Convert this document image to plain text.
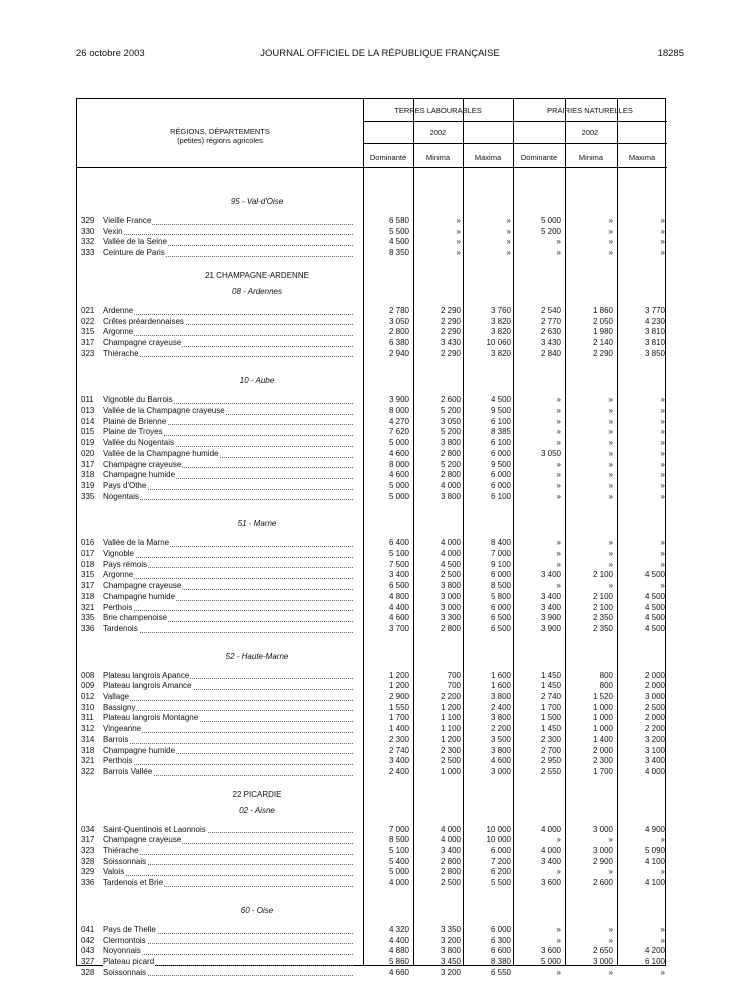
26 octobre 2003	JOURNAL OFFICIEL DE LA RÉPUBLIQUE FRANÇAISE	18285
RÉGIONS, DÉPARTEMENTS
(petites) régions agricoles
TERRES LABOURABLES	PRAIRIES NATURELLES
2002	2002
Dominante	Minima	Maxima	Dominante	Minima	Maxima
95 - Val-d'Oise
329 Vieille France	6 580	»	»	5 000	»	»
330 Vexin	5 500	»	»	5 200	»	»
332 Vallée de la Seine	4 500	»	»	»	»	»
333 Ceinture de Paris	8 350	»	»	»	»	»
21 CHAMPAGNE-ARDENNE
08 - Ardennes
021 Ardenne	2 780	2 290	3 760	2 540	1 860	3 770
022 Crêtes préardennaises	3 050	2 290	3 820	2 770	2 050	4 230
315 Argonne	2 800	2 290	3 820	2 630	1 980	3 810
317 Champagne crayeuse	6 380	3 430	10 060	3 430	2 140	3 810
323 Thiérache	2 940	2 290	3 820	2 840	2 290	3 850
10 - Aube
011 Vignoble du Barrois	3 900	2 600	4 500	»	»	»
013 Vallée de la Champagne crayeuse	8 000	5 200	9 500	»	»	»
014 Plaine de Brienne	4 270	3 050	6 100	»	»	»
015 Plaine de Troyes	7 620	5 200	8 385	»	»	»
019 Vallée du Nogentais	5 000	3 800	6 100	»	»	»
020 Vallée de la Champagne humide	4 600	2 800	6 000	3 050	»	»
317 Champagne crayeuse	8 000	5 200	9 500	»	»	»
318 Champagne humide	4 600	2 800	6 000	»	»	»
319 Pays d'Othe	5 000	4 000	6 000	»	»	»
335 Nogentais	5 000	3 800	6 100	»	»	»
51 - Marne
016 Vallée de la Marne	6 400	4 000	8 400	»	»	»
017 Vignoble	5 100	4 000	7 000	»	»	»
018 Pays rémois	7 500	4 500	9 100	»	»	»
315 Argonne	3 400	2 500	6 000	3 400	2 100	4 500
317 Champagne crayeuse	6 500	3 800	8 500	»	»	»
318 Champagne humide	4 800	3 000	5 800	3 400	2 100	4 500
321 Perthois	4 400	3 000	6 000	3 400	2 100	4 500
335 Brie champenoise	4 600	3 300	6 500	3 900	2 350	4 500
336 Tardenois	3 700	2 800	6 500	3 900	2 350	4 500
52 - Haute-Marne
008 Plateau langrois Apance	1 200	700	1 600	1 450	800	2 000
009 Plateau langrois Amance	1 200	700	1 600	1 450	800	2 000
012 Vallage	2 900	2 200	3 800	2 740	1 520	3 000
310 Bassigny	1 550	1 200	2 400	1 700	1 000	2 500
311 Plateau langrois Montagne	1 700	1 100	3 800	1 500	1 000	2 000
312 Vingeanne	1 400	1 100	2 200	1 450	1 000	2 200
314 Barrois	2 300	1 200	3 500	2 300	1 400	3 200
318 Champagne humide	2 740	2 300	3 800	2 700	2 000	3 100
321 Perthois	3 400	2 500	4 600	2 950	2 300	3 400
322 Barrois Vallée	2 400	1 000	3 000	2 550	1 700	4 000
22 PICARDIE
02 - Aisne
034 Saint-Quentinois et Laonnois	7 000	4 000	10 000	4 000	3 000	4 900
317 Champagne crayeuse	8 500	4 000	10 000	»	»	»
323 Thiérache	5 100	3 400	6 000	4 000	3 000	5 090
328 Soissonnais	5 400	2 800	7 200	3 400	2 900	4 100
329 Valois	5 000	2 800	6 200	»	»	»
336 Tardenois et Brie	4 000	2 500	5 500	3 600	2 600	4 100
60 - Oise
041 Pays de Thelle	4 320	3 350	6 000	»	»	»
042 Clermontois	4 400	3 200	6 300	»	»	»
043 Noyonnais	4 880	3 800	6 600	3 600	2 650	4 200
327 Plateau picard	5 860	3 450	8 380	5 000	3 000	6 100
328 Soissonnais	4 660	3 200	6 550	»	»	»
